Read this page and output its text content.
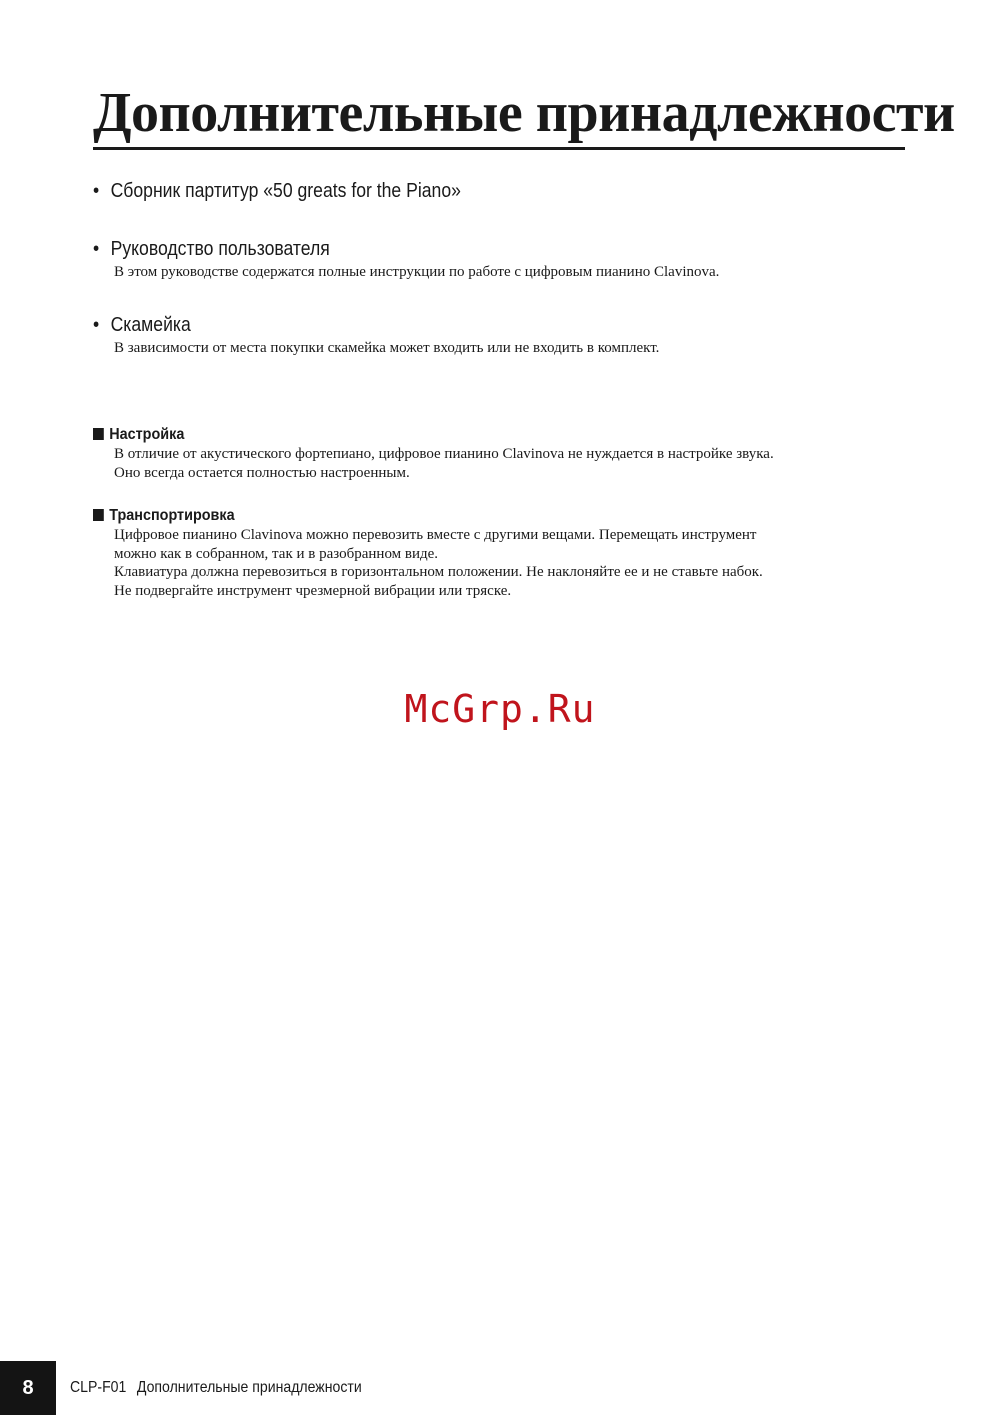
Дополнительные принадлежности
• Сборник партитур «50 greats for the Piano»
• Руководство пользователя
В этом руководстве содержатся полные инструкции по работе с цифровым пианино Clavinova.
• Скамейка
В зависимости от места покупки скамейка может входить или не входить в комплект.
Настройка

В отличие от акустического фортепиано, цифровое пианино Clavinova не нуждается в настройке звука.

Оно всегда остается полностью настроенным.

Транспортировка

Цифровое пианино Clavinova можно перевозить вместе с другими вещами. Перемещать инструмент

можно как в собранном, так и в разобранном виде.

Клавиатура должна перевозиться в горизонтальном положении. Не наклоняйте ее и не ставьте набок.

Не подвергайте инструмент чрезмерной вибрации или тряске.

McGrp.Ru
8	CLP-F01 Дополнительные принадлежности
